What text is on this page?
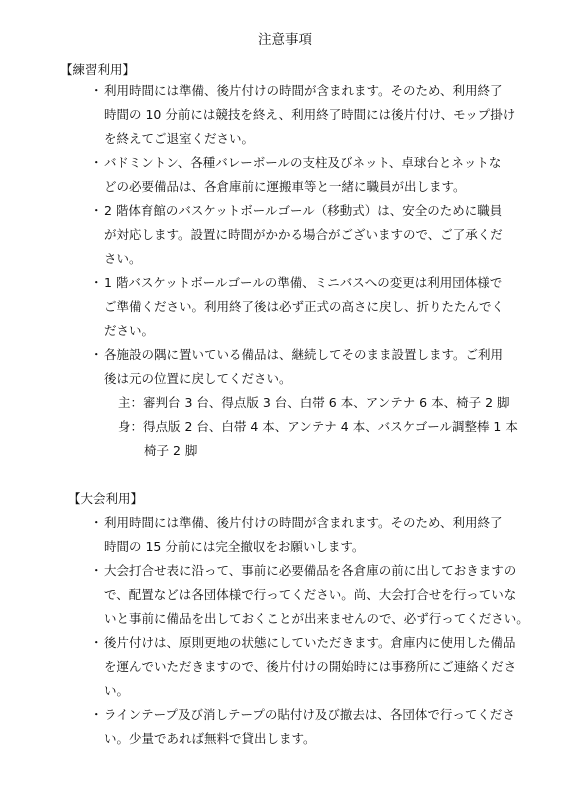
注意事項
【練習利用】
・ 利用時間には準備、後片付けの時間が含まれます。そのため、利用終了
時間の 10 分前には競技を終え、利用終了時間には後片付け、モップ掛け
を終えてご退室ください。
・ バドミントン、各種バレーボールの支柱及びネット、卓球台とネットな
どの必要備品は、各倉庫前に運搬車等と一緒に職員が出します。
・ 2 階体育館のバスケットボールゴール（移動式）は、安全のために職員
が対応します。設置に時間がかかる場合がございますので、ご了承くだ
さい。
・ 1 階バスケットボールゴールの準備、ミニバスへの変更は利用団体様で
ご準備ください。利用終了後は必ず正式の高さに戻し、折りたたんでく
ださい。
・ 各施設の隅に置いている備品は、継続してそのまま設置します。ご利用
後は元の位置に戻してください。
主：審判台 3 台、得点版 3 台、白帯 6 本、アンテナ 6 本、椅子 2 脚
身：得点版 2 台、白帯 4 本、アンテナ 4 本、バスケゴール調整棒 1 本
椅子 2 脚
【大会利用】
・ 利用時間には準備、後片付けの時間が含まれます。そのため、利用終了
時間の 15 分前には完全撤収をお願いします。
・ 大会打合せ表に沿って、事前に必要備品を各倉庫の前に出しておきますの
で、配置などは各団体様で行ってください。尚、大会打合せを行っていな
いと事前に備品を出しておくことが出来ませんので、必ず行ってください。
・ 後片付けは、原則更地の状態にしていただきます。倉庫内に使用した備品
を運んでいただきますので、後片付けの開始時には事務所にご連絡くださ
い。
・ ラインテープ及び消しテープの貼付け及び撤去は、各団体で行ってくださ
い。少量であれば無料で貸出します。
